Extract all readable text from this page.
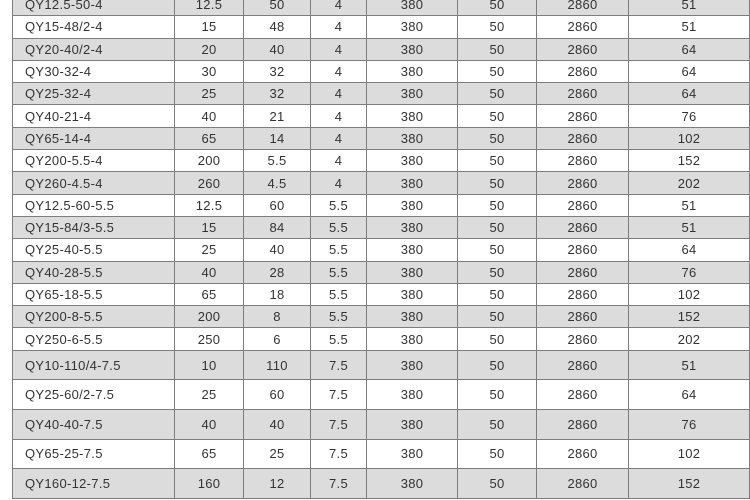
QY12.5-50-4	12.5	50	4	380	50	2860	51
QY15-48/2-4	15	48	4	380	50	2860	51
QY20-40/2-4	20	40	4	380	50	2860	64
QY30-32-4	30	32	4	380	50	2860	64
QY25-32-4	25	32	4	380	50	2860	64
QY40-21-4	40	21	4	380	50	2860	76
QY65-14-4	65	14	4	380	50	2860	102
QY200-5.5-4	200	5.5	4	380	50	2860	152
QY260-4.5-4	260	4.5	4	380	50	2860	202
QY12.5-60-5.5	12.5	60	5.5	380	50	2860	51
QY15-84/3-5.5	15	84	5.5	380	50	2860	51
QY25-40-5.5	25	40	5.5	380	50	2860	64
QY40-28-5.5	40	28	5.5	380	50	2860	76
QY65-18-5.5	65	18	5.5	380	50	2860	102
QY200-8-5.5	200	8	5.5	380	50	2860	152
QY250-6-5.5	250	6	5.5	380	50	2860	202
QY10-110/4-7.5	10	110	7.5	380	50	2860	51
QY25-60/2-7.5	25	60	7.5	380	50	2860	64
QY40-40-7.5	40	40	7.5	380	50	2860	76
QY65-25-7.5	65	25	7.5	380	50	2860	102
QY160-12-7.5	160	12	7.5	380	50	2860	152
